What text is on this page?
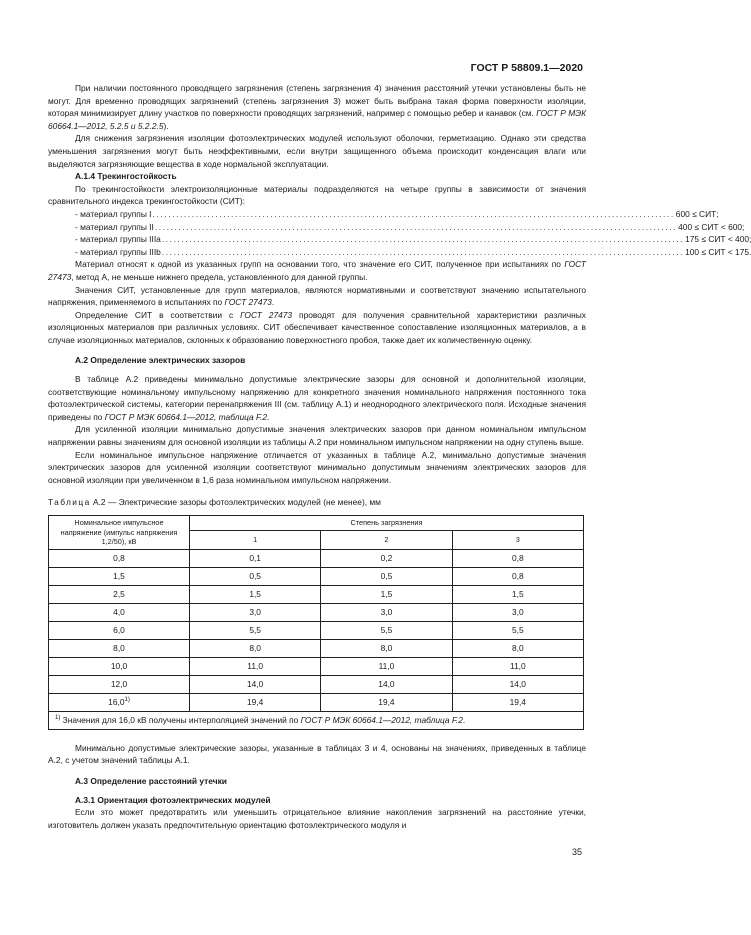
ГОСТ Р 58809.1—2020

При наличии постоянного проводящего загрязнения (степень загрязнения 4) значения расстояний утечки установлены быть не могут. Для временно проводящих загрязнений (степень загрязнения 3) может быть выбрана такая форма поверхности изоляции, которая минимизирует длину участков по поверхности проводящих загрязнений, например с помощью ребер и канавок (см. ГОСТ Р МЭК 60664.1—2012, 5.2.5 и 5.2.2.5).

Для снижения загрязнения изоляции фотоэлектрических модулей используют оболочки, герметизацию. Однако эти средства уменьшения загрязнения могут быть неэффективными, если внутри защищенного объема происходит конденсация влаги или выделяются загрязняющие вещества в ходе нормальной эксплуатации.

А.1.4 Трекингостойкость

По трекингостойкости электроизоляционные материалы подразделяются на четыре группы в зависимости от значения сравнительного индекса трекингостойкости (СИТ):

- материал группы I ..................................................................................................................................... 600 ≤ СИТ;
- материал группы II ..................................................................................................................................... 400 ≤ СИТ < 600;
- материал группы IIIa ..................................................................................................................................... 175 ≤ СИТ < 400;
- материал группы IIIb ..................................................................................................................................... 100 ≤ СИТ < 175.

Материал относят к одной из указанных групп на основании того, что значение его СИТ, полученное при испытаниях по ГОСТ 27473, метод А, не меньше нижнего предела, установленного для данной группы.

Значения СИТ, установленные для групп материалов, являются нормативными и соответствуют значению испытательного напряжения, применяемого в испытаниях по ГОСТ 27473.

Определение СИТ в соответствии с ГОСТ 27473 проводят для получения сравнительной характеристики различных изоляционных материалов при различных условиях. СИТ обеспечивает качественное сопоставление изоляционных материалов, а в случае изоляционных материалов, склонных к образованию поверхностного пробоя, также дает их количественную оценку.

А.2 Определение электрических зазоров

В таблице А.2 приведены минимально допустимые электрические зазоры для основной и дополнительной изоляции, соответствующие номинальному импульсному напряжению для конкретного значения номинального напряжения постоянного тока фотоэлектрической системы, категории перенапряжения III (см. таблицу А.1) и неоднородного электрического поля. Исходные значения приведены по ГОСТ Р МЭК 60664.1—2012, таблица F.2.

Для усиленной изоляции минимально допустимые значения электрических зазоров при данном номинальном импульсном напряжении равны значениям для основной изоляции из таблицы А.2 при номинальном импульсном напряжении на одну ступень выше.

Если номинальное импульсное напряжение отличается от указанных в таблице А.2, минимально допустимые значения электрических зазоров для усиленной изоляции соответствуют минимально допустимым значениям электрических зазоров для основной изоляции при увеличенном в 1,6 раза номинальном импульсном напряжении.

Таблица А.2 — Электрические зазоры фотоэлектрических модулей (не менее), мм
Номинальное импульсное напряжение (импульс напряжения 1,2/50), кВ	Степень загрязнения		
	1	2	3
0,8	0,1	0,2	0,8
1,5	0,5	0,5	0,8
2,5	1,5	1,5	1,5
4,0	3,0	3,0	3,0
6,0	5,5	5,5	5,5
8,0	8,0	8,0	8,0
10,0	11,0	11,0	11,0
12,0	14,0	14,0	14,0
16,0$^{1)}$	19,4	19,4	19,4
$^{1)}$ Значения для 16,0 кВ получены интерполяцией значений по ГОСТ Р МЭК 60664.1—2012, таблица F.2.			

Минимально допустимые электрические зазоры, указанные в таблицах 3 и 4, основаны на значениях, приведенных в таблице А.2, с учетом значений таблицы А.1.

А.3 Определение расстояний утечки
А.3.1 Ориентация фотоэлектрических модулей

Если это может предотвратить или уменьшить отрицательное влияние накопления загрязнений на расстояние утечки, изготовитель должен указать предпочтительную ориентацию фотоэлектрического модуля и

35
